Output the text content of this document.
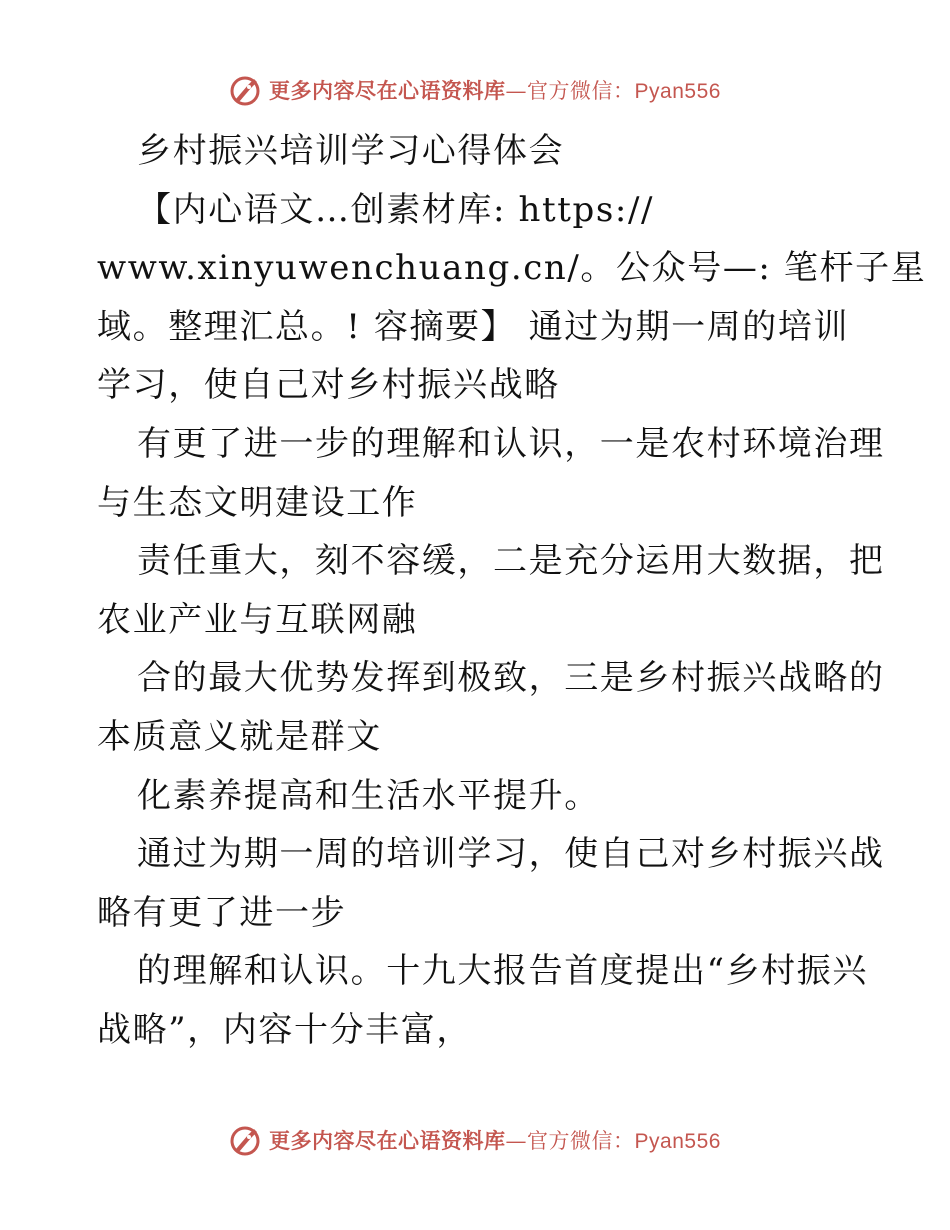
更多内容尽在心语资料库—官方微信：Pyan556

乡村振兴培训学习心得体会

【内心语文…创素材库: https://
www.xinyuwenchuang.cn/。公众号—: 笔杆子星
域。整理汇总。! 容摘要】 通过为期一周的培训
学习，使自己对乡村振兴战略

有更了进一步的理解和认识，一是农村环境治理
与生态文明建设工作

责任重大，刻不容缓，二是充分运用大数据，把
农业产业与互联网融

合的最大优势发挥到极致，三是乡村振兴战略的
本质意义就是群文

化素养提高和生活水平提升。

通过为期一周的培训学习，使自己对乡村振兴战
略有更了进一步

的理解和认识。十九大报告首度提出“乡村振兴
战略”，内容十分丰富，

更多内容尽在心语资料库—官方微信：Pyan556
